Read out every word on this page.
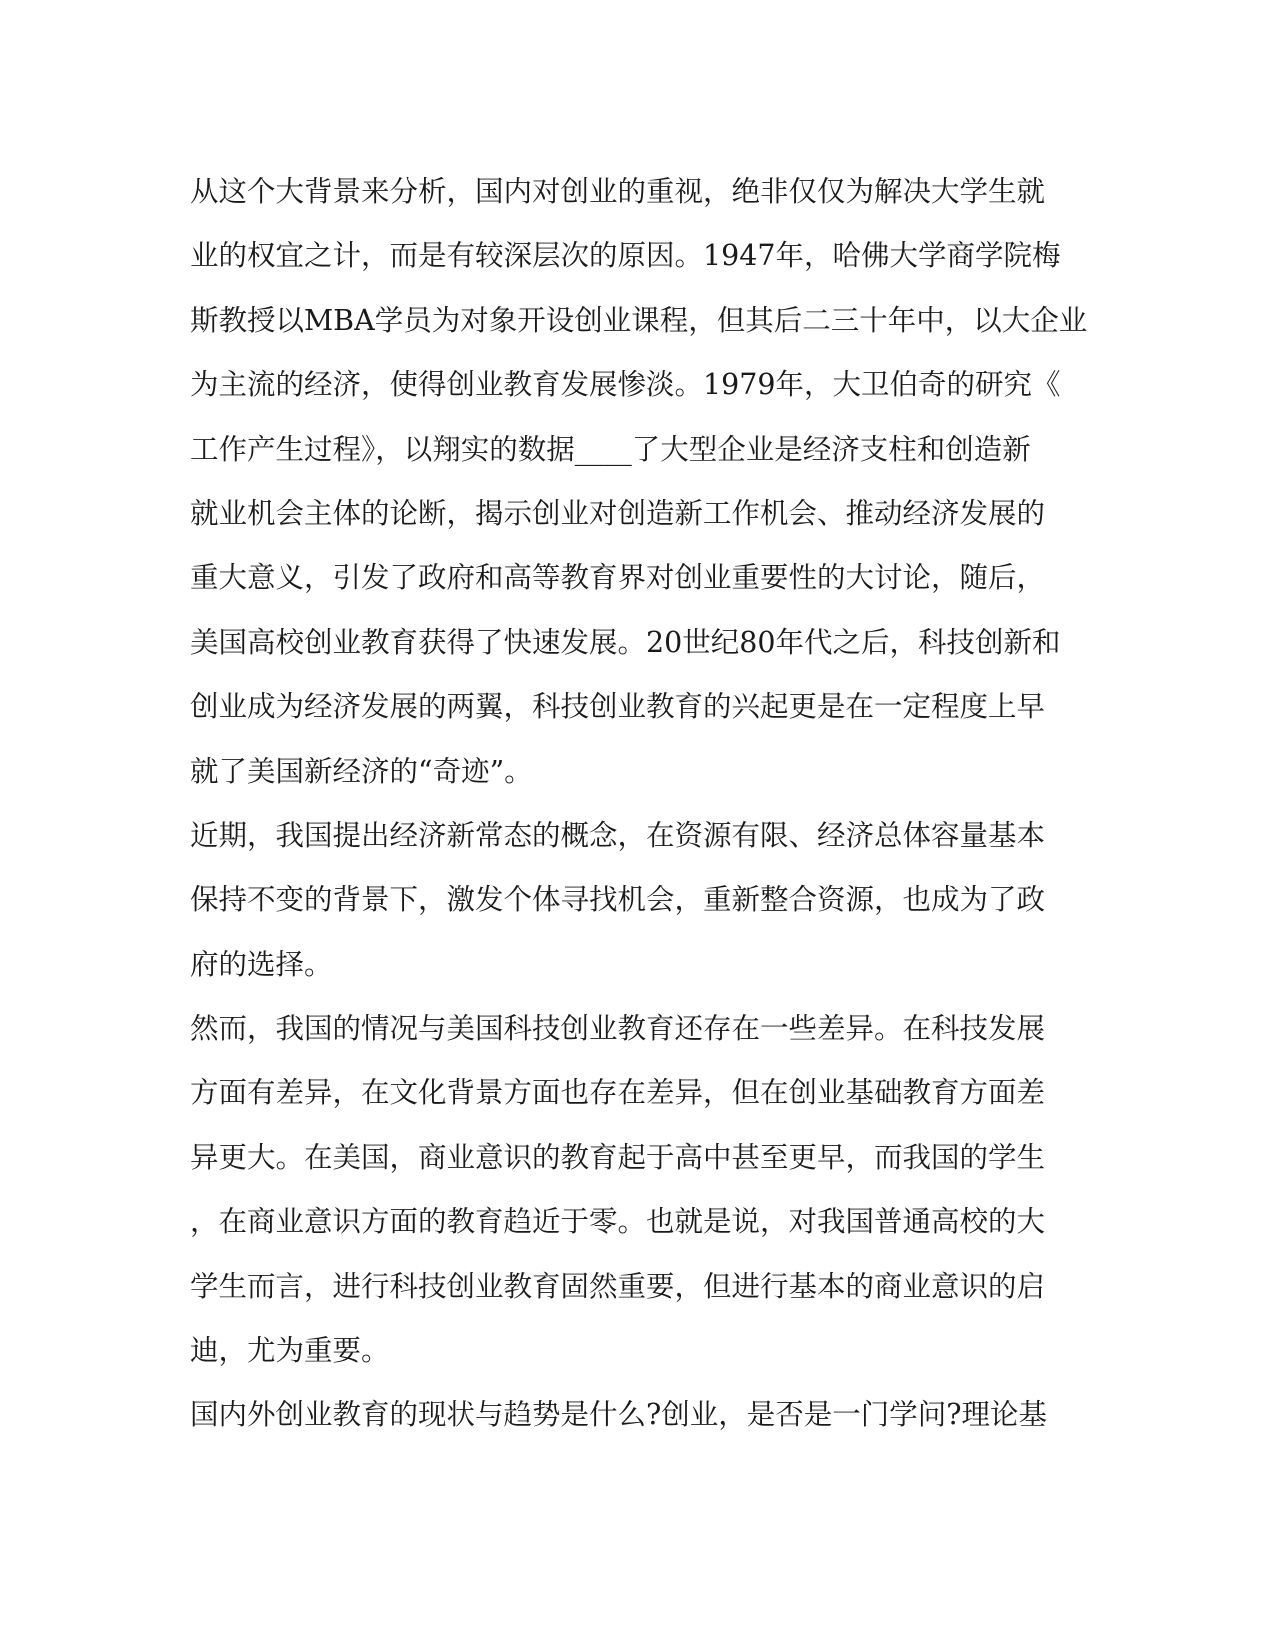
从这个大背景来分析，国内对创业的重视，绝非仅仅为解决大学生就
业的权宜之计，而是有较深层次的原因。1947年，哈佛大学商学院梅
斯教授以MBA学员为对象开设创业课程，但其后二三十年中，以大企业
为主流的经济，使得创业教育发展惨淡。1979年，大卫伯奇的研究《
工作产生过程》，以翔实的数据____了大型企业是经济支柱和创造新
就业机会主体的论断，揭示创业对创造新工作机会、推动经济发展的
重大意义，引发了政府和高等教育界对创业重要性的大讨论，随后，
美国高校创业教育获得了快速发展。20世纪80年代之后，科技创新和
创业成为经济发展的两翼，科技创业教育的兴起更是在一定程度上早
就了美国新经济的“奇迹”。
近期，我国提出经济新常态的概念，在资源有限、经济总体容量基本
保持不变的背景下，激发个体寻找机会，重新整合资源，也成为了政
府的选择。
然而，我国的情况与美国科技创业教育还存在一些差异。在科技发展
方面有差异，在文化背景方面也存在差异，但在创业基础教育方面差
异更大。在美国，商业意识的教育起于高中甚至更早，而我国的学生
，在商业意识方面的教育趋近于零。也就是说，对我国普通高校的大
学生而言，进行科技创业教育固然重要，但进行基本的商业意识的启
迪，尤为重要。
国内外创业教育的现状与趋势是什么?创业，是否是一门学问?理论基
